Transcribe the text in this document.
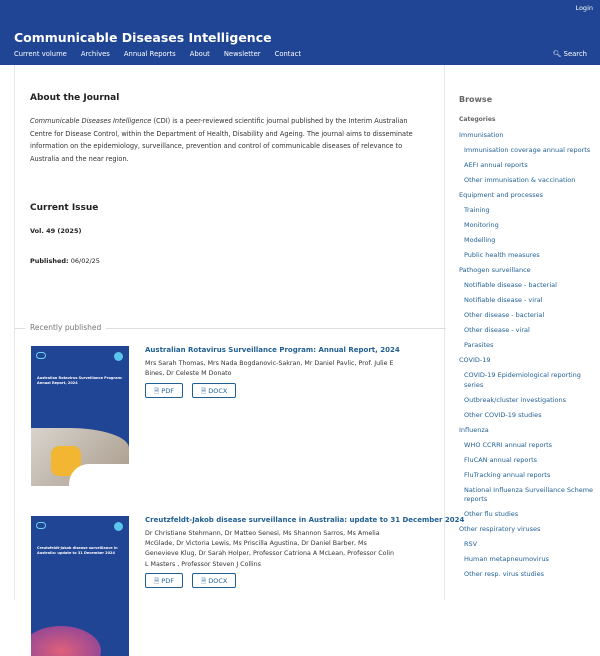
Login
Communicable Diseases Intelligence
Current volume Archives Annual Reports About Newsletter Contact	🔍︎ Search
About the Journal

Communicable Diseases Intelligence (CDI) is a peer-reviewed scientific journal published by the Interim Australian Centre for Disease Control, within the Department of Health, Disability and Ageing. The journal aims to disseminate information on the epidemiology, surveillance, prevention and control of communicable diseases of relevance to Australia and the near region.

Current Issue
Vol. 49 (2025)
Published: 06/02/25
Recently published
Australian Rotavirus Surveillance Program: Annual Report, 2024
Australian Rotavirus Surveillance Program: Annual Report, 2024
Mrs Sarah Thomas, Mrs Nada Bogdanovic-Sakran, Mr Daniel Pavlic, Prof. Julie E Bines, Dr Celeste M Donato
🗎︎ PDF	🗎︎ DOCX
Creutzfeldt-Jakob disease surveillance in Australia: update to 31 December 2024
Creutzfeldt-Jakob disease surveillance in Australia: update to 31 December 2024
Dr Christiane Stehmann, Dr Matteo Senesi, Ms Shannon Sarros, Ms Amelia McGlade, Dr Victoria Lewis, Ms Priscilla Agustina, Dr Daniel Barber, Ms Genevieve Klug, Dr Sarah Holper, Professor Catriona A McLean, Professor Colin L Masters , Professor Steven J Collins
🗎︎ PDF	🗎︎ DOCX
Browse
Categories
Immunisation
Immunisation coverage annual reports
AEFI annual reports
Other immunisation & vaccination
Equipment and processes
Training
Monitoring
Modelling
Public health measures
Pathogen surveillance
Notifiable disease - bacterial
Notifiable disease - viral
Other disease - bacterial
Other disease - viral
Parasites
COVID-19
COVID-19 Epidemiological reporting series
Outbreak/cluster investigations
Other COVID-19 studies
Influenza
WHO CCRRI annual reports
FluCAN annual reports
FluTracking annual reports
National Influenza Surveillance Scheme reports
Other flu studies
Other respiratory viruses
RSV
Human metapneumovirus
Other resp. virus studies
